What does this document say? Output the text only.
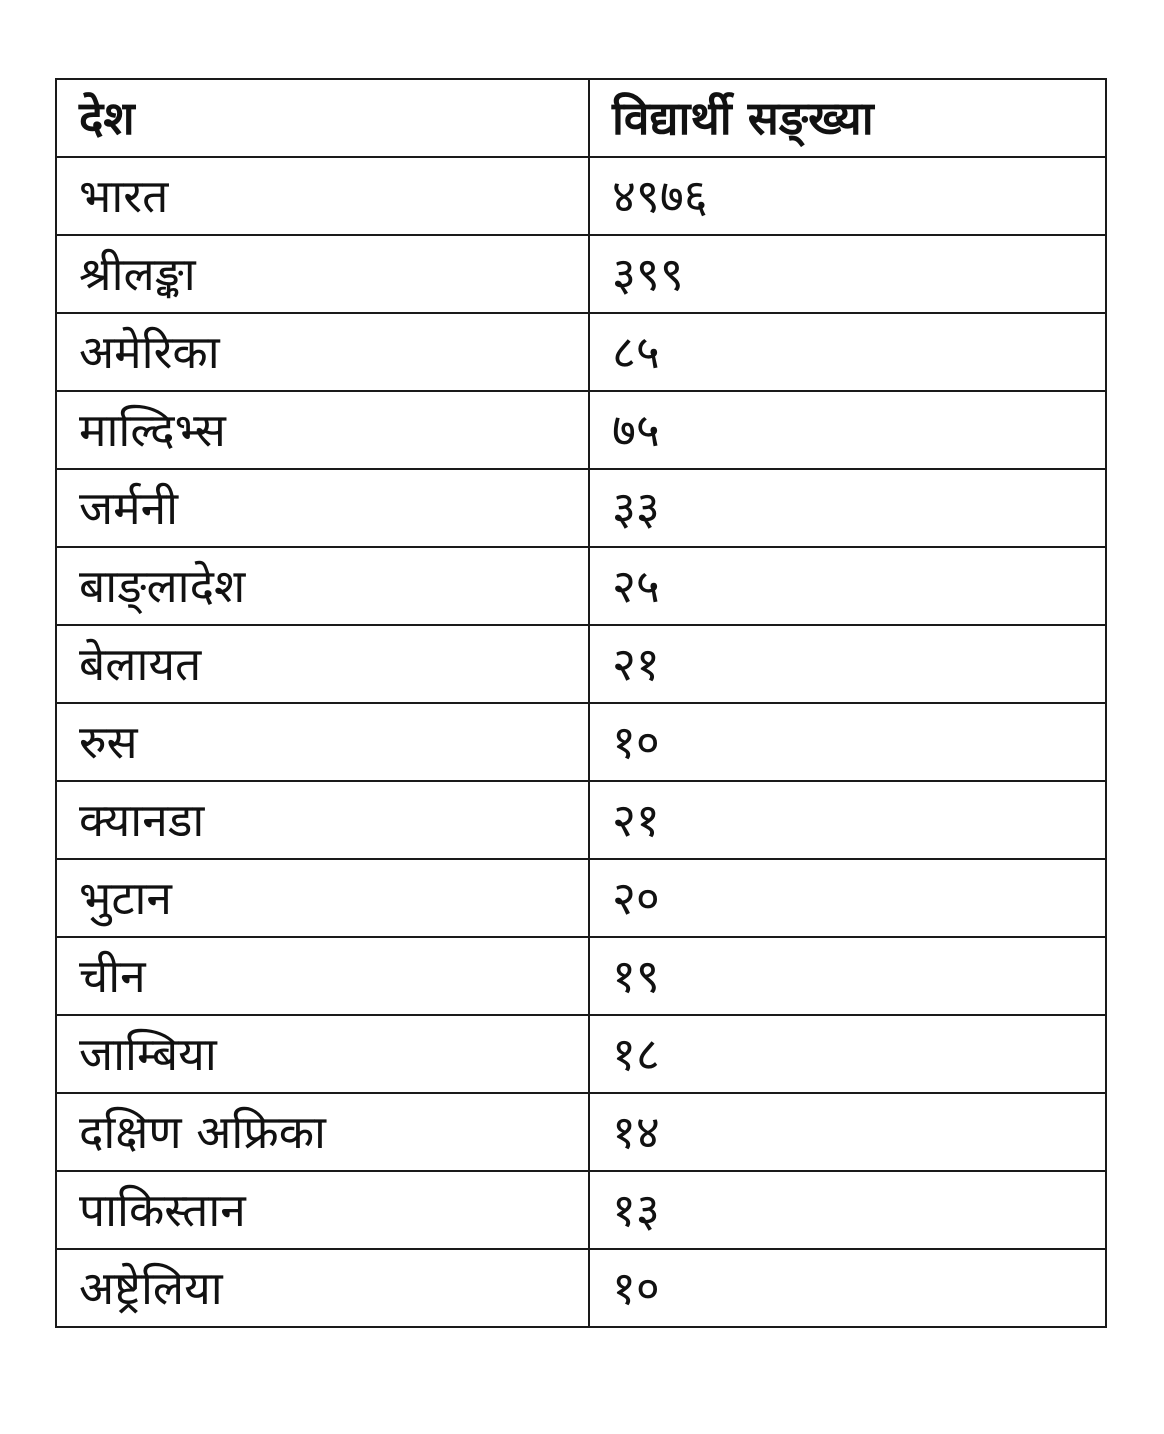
देश	विद्यार्थी सङ्ख्या
भारत	४९७६
श्रीलङ्का	३९९
अमेरिका	८५
माल्दिभ्स	७५
जर्मनी	३३
बाङ्लादेश	२५
बेलायत	२१
रुस	१०
क्यानडा	२१
भुटान	२०
चीन	१९
जाम्बिया	१८
दक्षिण अफ्रिका	१४
पाकिस्तान	१३
अष्ट्रेलिया	१०
